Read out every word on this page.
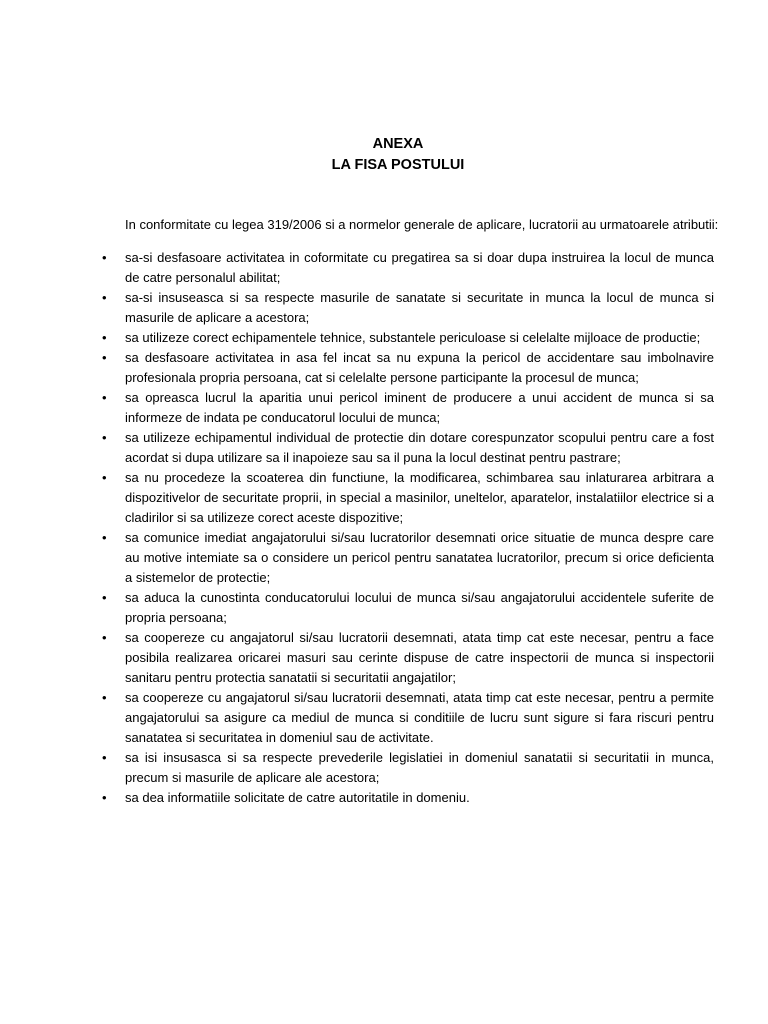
ANEXA
LA FISA POSTULUI
In conformitate cu legea 319/2006 si a normelor generale de aplicare, lucratorii au urmatoarele atributii:
• sa-si desfasoare activitatea in coformitate cu pregatirea sa si doar dupa instruirea la locul de munca de catre personalul abilitat;
• sa-si insuseasca si sa respecte masurile de sanatate si securitate in munca la locul de munca si masurile de aplicare a acestora;
• sa utilizeze corect echipamentele tehnice, substantele periculoase si celelalte mijloace de productie;
• sa desfasoare activitatea in asa fel incat sa nu expuna la pericol de accidentare sau imbolnavire profesionala propria persoana, cat si celelalte persone participante la procesul de munca;
• sa opreasca lucrul la aparitia unui pericol iminent de producere a unui accident de munca si sa informeze de indata pe conducatorul locului de munca;
• sa utilizeze echipamentul individual de protectie din dotare corespunzator scopului pentru care a fost acordat si dupa utilizare sa il inapoieze sau sa il puna la locul destinat pentru pastrare;
• sa nu procedeze la scoaterea din functiune, la modificarea, schimbarea sau inlaturarea arbitrara a dispozitivelor de securitate proprii, in special a masinilor, uneltelor, aparatelor, instalatiilor electrice si a cladirilor si sa utilizeze corect aceste dispozitive;
• sa comunice imediat angajatorului si/sau lucratorilor desemnati orice situatie de munca despre care au motive intemiate sa o considere un pericol pentru sanatatea lucratorilor, precum si orice deficienta a sistemelor de protectie;
• sa aduca la cunostinta conducatorului locului de munca si/sau angajatorului accidentele suferite de propria persoana;
• sa coopereze cu angajatorul si/sau lucratorii desemnati, atata timp cat este necesar, pentru a face posibila realizarea oricarei masuri sau cerinte dispuse de catre inspectorii de munca si inspectorii sanitaru pentru protectia sanatatii si securitatii angajatilor;
• sa coopereze cu angajatorul si/sau lucratorii desemnati, atata timp cat este necesar, pentru a permite angajatorului sa asigure ca mediul de munca si conditiile de lucru sunt sigure si fara riscuri pentru sanatatea si securitatea in domeniul sau de activitate.
• sa isi insusasca si sa respecte prevederile legislatiei in domeniul sanatatii si securitatii in munca, precum si masurile de aplicare ale acestora;
• sa dea informatiile solicitate de catre autoritatile in domeniu.
